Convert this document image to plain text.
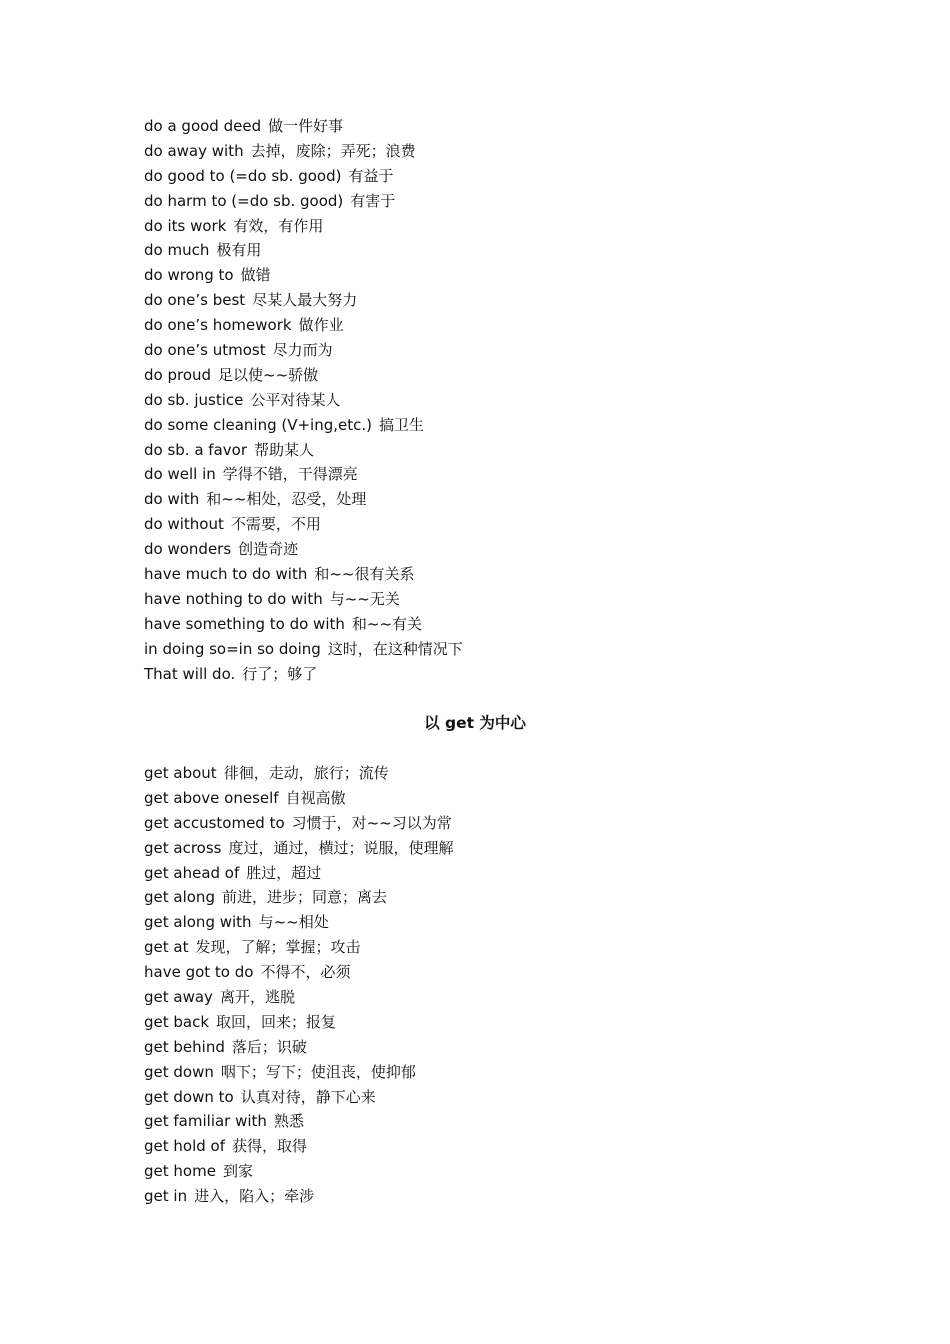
do a good deed 做一件好事
do away with 去掉，废除；弄死；浪费
do good to (=do sb. good) 有益于
do harm to (=do sb. good) 有害于
do its work 有效，有作用
do much 极有用
do wrong to 做错
do one’s best 尽某人最大努力
do one’s homework 做作业
do one’s utmost 尽力而为
do proud 足以使~~骄傲
do sb. justice 公平对待某人
do some cleaning (V+ing,etc.) 搞卫生
do sb. a favor 帮助某人
do well in 学得不错，干得漂亮
do with 和~~相处，忍受，处理
do without 不需要，不用
do wonders 创造奇迹
have much to do with 和~~很有关系
have nothing to do with 与~~无关
have something to do with 和~~有关
in doing so=in so doing 这时，在这种情况下
That will do. 行了；够了
以 get 为中心
get about 徘徊，走动，旅行；流传
get above oneself 自视高傲
get accustomed to 习惯于，对~~习以为常
get across 度过，通过，横过；说服，使理解
get ahead of 胜过，超过
get along 前进，进步；同意；离去
get along with 与~~相处
get at 发现，了解；掌握；攻击
have got to do 不得不，必须
get away 离开，逃脱
get back 取回，回来；报复
get behind 落后；识破
get down 咽下；写下；使沮丧，使抑郁
get down to 认真对待，静下心来
get familiar with 熟悉
get hold of 获得，取得
get home 到家
get in 进入，陷入；牵涉
